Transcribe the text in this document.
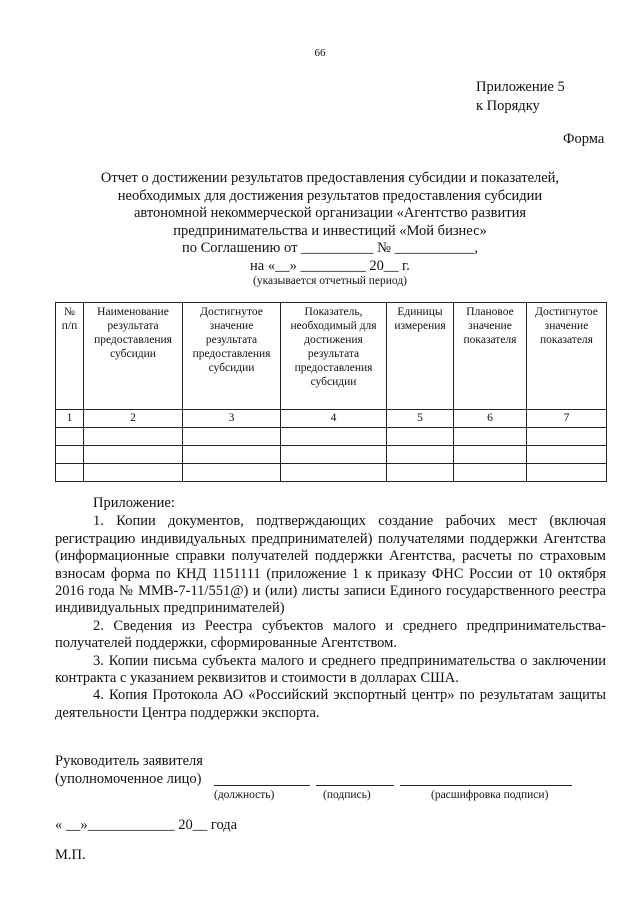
66
Приложение 5
к Порядку
Форма
Отчет о достижении результатов предоставления субсидии и показателей,
необходимых для достижения результатов предоставления субсидии
автономной некоммерческой организации «Агентство развития
предпринимательства и инвестиций «Мой бизнес»
по Соглашению от __________ № ___________,
на «__» _________ 20__ г.
(указывается отчетный период)
№ п/п	Наименование результата предоставления субсидии	Достигнутое значение результата предоставления субсидии	Показатель, необходимый для достижения результата предоставления субсидии	Единицы измерения	Плановое значение показателя	Достигнутое значение показателя
1	2	3	4	5	6	7

Приложение:

1. Копии документов, подтверждающих создание рабочих мест (включая регистрацию индивидуальных предпринимателей) получателями поддержки Агентства (информационные справки получателей поддержки Агентства, расчеты по страховым взносам форма по КНД 1151111 (приложение 1 к приказу ФНС России от 10 октября 2016 года № ММВ-7-11/551@) и (или) листы записи Единого государственного реестра индивидуальных предпринимателей)

2. Сведения из Реестра субъектов малого и среднего предпринимательства-получателей поддержки, сформированные Агентством.

3. Копии письма субъекта малого и среднего предпринимательства о заключении контракта с указанием реквизитов и стоимости в долларах США.

4. Копия Протокола АО «Российский экспортный центр» по результатам защиты деятельности Центра поддержки экспорта.

Руководитель заявителя
(уполномоченное лицо)
(должность)	(подпись)	(расшифровка подписи)
« __»____________ 20__ года
М.П.
